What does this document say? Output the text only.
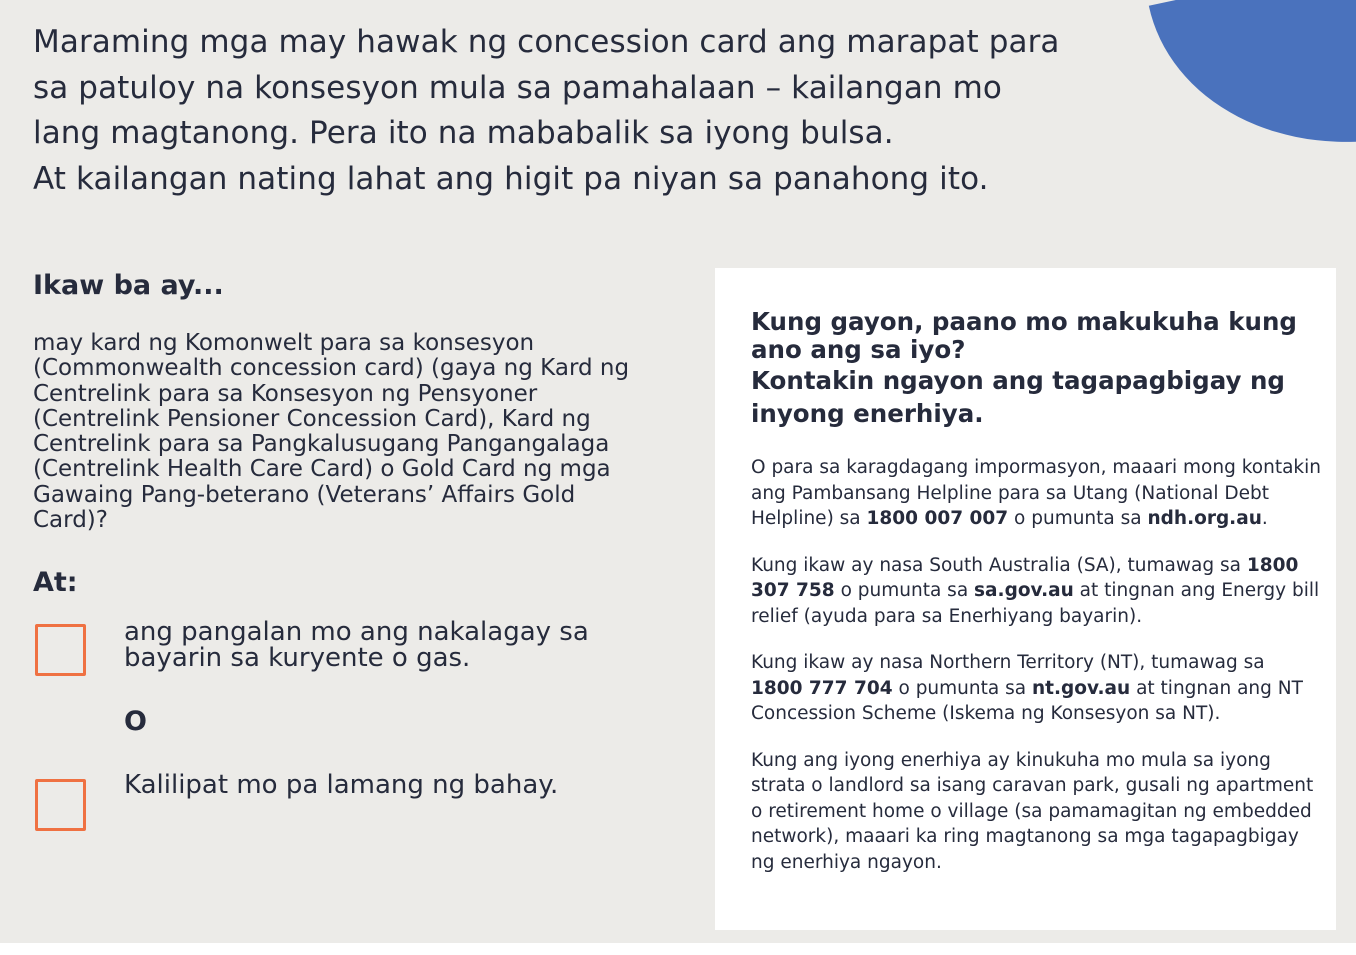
Maraming mga may hawak ng concession card ang marapat para

sa patuloy na konsesyon mula sa pamahalaan – kailangan mo

lang magtanong. Pera ito na mababalik sa iyong bulsa.

At kailangan nating lahat ang higit pa niyan sa panahong ito.

Ikaw ba ay...

may kard ng Komonwelt para sa konsesyon (Commonwealth concession card) (gaya ng Kard ng Centrelink para sa Konsesyon ng Pensyoner (Centrelink Pensioner Concession Card), Kard ng Centrelink para sa Pangkalusugang Pangangalaga (Centrelink Health Care Card) o Gold Card ng mga Gawaing Pang-beterano (Veterans’ Affairs Gold Card)?

At:

ang pangalan mo ang nakalagay sa bayarin sa kuryente o gas.

O

Kalilipat mo pa lamang ng bahay.

Kung gayon, paano mo makukuha kung ano ang sa iyo?
Kontakin ngayon ang tagapagbigay ng inyong enerhiya.

O para sa karagdagang impormasyon, maaari mong kontakin ang Pambansang Helpline para sa Utang (National Debt Helpline) sa 1800 007 007 o pumunta sa ndh.org.au.

Kung ikaw ay nasa South Australia (SA), tumawag sa 1800 307 758 o pumunta sa sa.gov.au at tingnan ang Energy bill relief (ayuda para sa Enerhiyang bayarin).

Kung ikaw ay nasa Northern Territory (NT), tumawag sa 1800 777 704 o pumunta sa nt.gov.au at tingnan ang NT Concession Scheme (Iskema ng Konsesyon sa NT).

Kung ang iyong enerhiya ay kinukuha mo mula sa iyong strata o landlord sa isang caravan park, gusali ng apartment o retirement home o village (sa pamamagitan ng embedded network), maaari ka ring magtanong sa mga tagapagbigay ng enerhiya ngayon.
